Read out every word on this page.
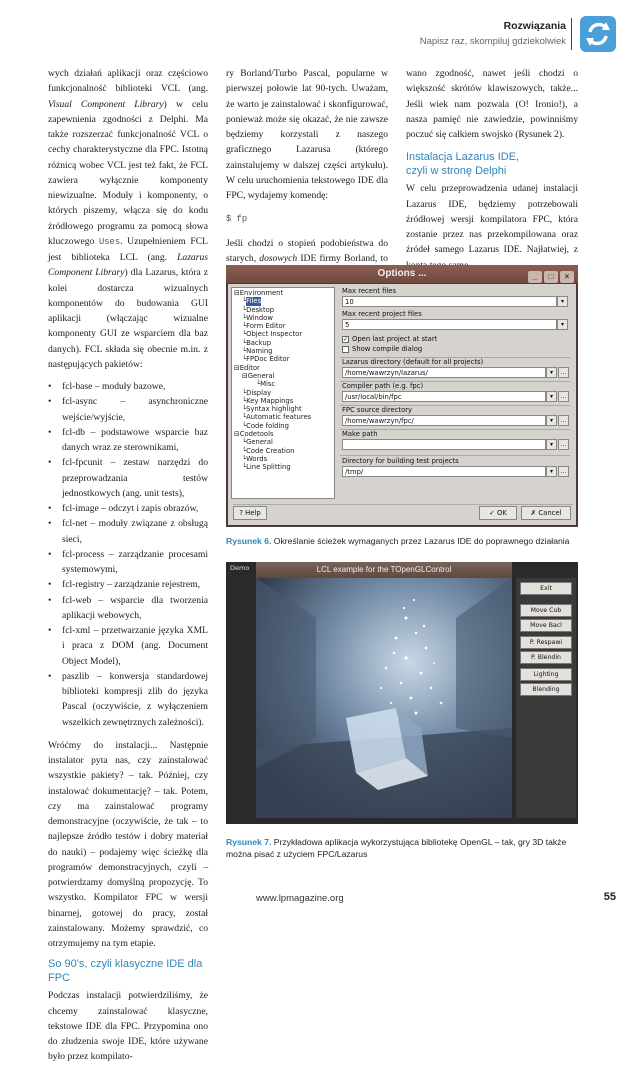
Rozwiązania
Napisz raz, skompiluj gdziekolwiek

wych działań aplikacji oraz częściowo funkcjonalność biblioteki VCL (ang. Visual Component Library) w celu zapewnienia zgodności z Delphi. Ma także rozszerzać funkcjonalność VCL o cechy charakterystyczne dla FPC. Istotną różnicą wobec VCL jest też fakt, że FCL zawiera wyłącznie komponenty niewizualne. Moduły i komponenty, o których piszemy, włącza się do kodu źródłowego programu za pomocą słowa kluczowego Uses. Uzupełnieniem FCL jest biblioteka LCL (ang. Lazarus Component Library) dla Lazarus, która z kolei dostarcza wizualnych komponentów do budowania GUI aplikacji (włączając wizualne komponenty GUI ze wsparciem dla baz danych). FCL składa się obecnie m.in. z następujących pakietów:

• fcl-base – moduły bazowe,
• fcl-async – asynchroniczne wejście/wyjście,
• fcl-db – podstawowe wsparcie baz danych wraz ze sterownikami,
• fcl-fpcunit – zestaw narzędzi do przeprowadzania testów jednostkowych (ang. unit tests),
• fcl-image – odczyt i zapis obrazów,
• fcl-net – moduły związane z obsługą sieci,
• fcl-process – zarządzanie procesami systemowymi,
• fcl-registry – zarządzanie rejestrem,
• fcl-web – wsparcie dla tworzenia aplikacji webowych,
• fcl-xml – przetwarzanie języka XML i praca z DOM (ang. Document Object Model),
• paszlib – konwersja standardowej biblioteki kompresji zlib do języka Pascal (oczywiście, z wyłączeniem wszelkich zewnętrznych zależności).

Wróćmy do instalacji... Następnie instalator pyta nas, czy zainstalować wszystkie pakiety? – tak. Później, czy instalować dokumentację? – tak. Potem, czy ma zainstalować programy demonstracyjne (oczywiście, że tak – to najlepsze źródło testów i dobry materiał do nauki) – podajemy więc ścieżkę dla programów demonstracyjnych, czyli – potwierdzamy domyślną propozycję. To wszystko. Kompilator FPC w wersji binarnej, gotowej do pracy, został zainstalowany. Możemy sprawdzić, co otrzymujemy na tym etapie.

So 90's, czyli klasyczne IDE dla FPC

Podczas instalacji potwierdziliśmy, że chcemy zainstalować klasyczne, tekstowe IDE dla FPC. Przypomina ono do złudzenia swoje IDE, które używane było przez kompilato-

ry Borland/Turbo Pascal, popularne w pierwszej połowie lat 90-tych. Uważam, że warto je zainstalować i skonfigurować, ponieważ może się okazać, że nie zawsze będziemy korzystali z naszego graficznego Lazarusa (którego zainstalujemy w dalszej części artykułu). W celu uruchomienia tekstowego IDE dla FPC, wydajemy komendę:

$ fp

Jeśli chodzi o stopień podobieństwa do starych, dosowych IDE firmy Borland, to

wano zgodność, nawet jeśli chodzi o większość skrótów klawiszowych, także... Jeśli wiek nam pozwala (O! Ironio!), a nasza pamięć nie zawiedzie, powinniśmy poczuć się całkiem swojsko (Rysunek 2).

Instalacja Lazarus IDE,
czyli w stronę Delphi

W celu przeprowadzenia udanej instalacji Lazarus IDE, będziemy potrzebowali źródłowej wersji kompilatora FPC, która zostanie przez nas przekompilowana oraz źródeł samego Lazarus IDE. Najłatwiej, z

Options ...	_ □ ×
⊟Environment
└Files
└Desktop
└Window
└Form Editor
└Object Inspector
└Backup
└Naming
└FPDoc Editor
⊟Editor
⊟General
└Misc
└Display
└Key Mappings
└Syntax highlight
└Automatic features
└Code folding
⊟Codetools
└General
└Code Creation
└Words
└Line Splitting
Max recent files
10	▾
Max recent project files
5	▾
✓ Open last project at start
Show compile dialog
Lazarus directory (default for all projects)
/home/wawrzyn/lazarus/	▾	...
Compiler path (e.g. fpc)
/usr/local/bin/fpc	▾	...
FPC source directory
/home/wawrzyn/fpc/	▾	...
Make path
▾	...
Directory for building test projects
/tmp/	▾	...
? Help	✓ OK	✗ Cancel
Rysunek 6. Określanie ścieżek wymaganych przez Lazarus IDE do poprawnego działania
Demo	LCL example for the TOpenGLControl
Exit
Move Cub
Move Bacl
P. Respawi
P. Blendin
Lighting
Blending
Rysunek 7. Przykładowa aplikacja wykorzystująca bibliotekę OpenGL – tak, gry 3D także można pisać z użyciem FPC/Lazarus
www.lpmagazine.org	55
